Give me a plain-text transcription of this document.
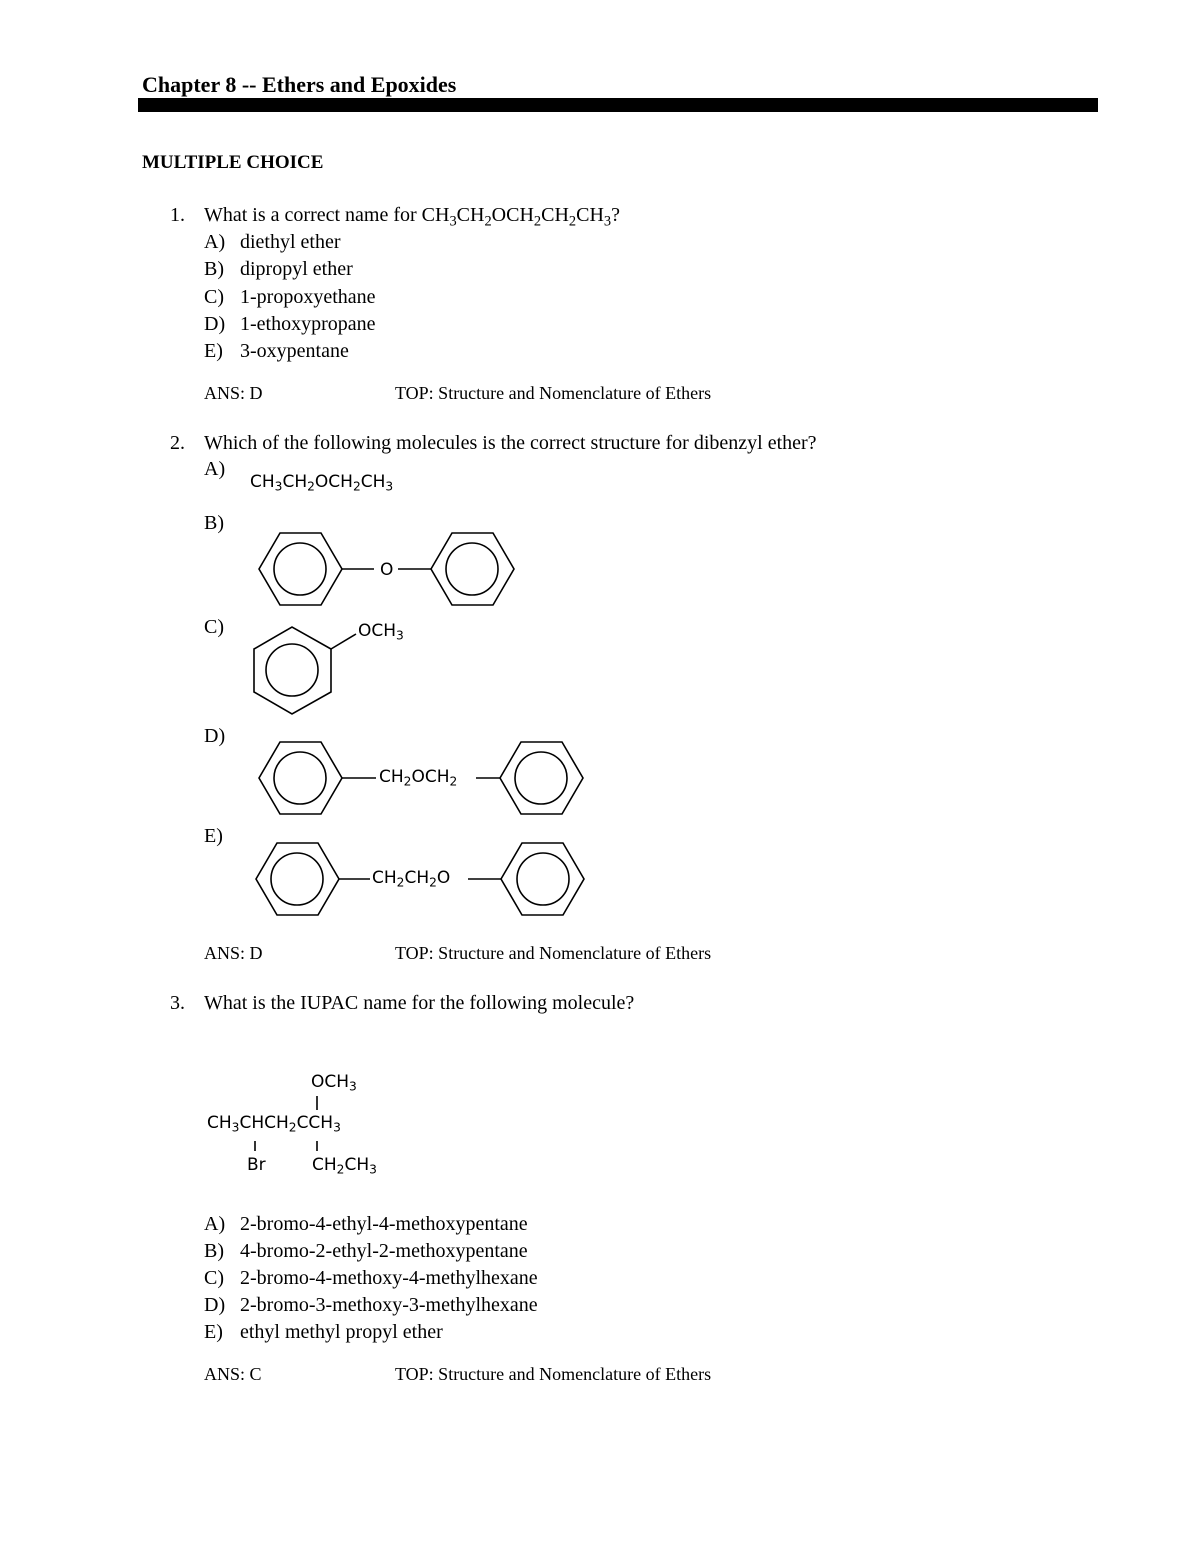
Chapter 8 -- Ethers and Epoxides
MULTIPLE CHOICE
1. What is a correct name for $CH_3CH_2OCH_2CH_2CH_3$?
A) diethyl ether
B) dipropyl ether
C) 1-propoxyethane
D) 1-ethoxypropane
E) 3-oxypentane
ANS: D	TOP: Structure and Nomenclature of Ethers
2. Which of the following molecules is the correct structure for dibenzyl ether?
A)
$CH_3CH_2OCH_2CH_3$
B)
O
C)	$OCH_3$
D)
$CH_2OCH_2$
E)
$CH_2CH_2O$
ANS: D	TOP: Structure and Nomenclature of Ethers
3. What is the IUPAC name for the following molecule?
$OCH_3$
$CH_3CHCH_2CCH_3$
Br	$CH_2CH_3$
A) 2-bromo-4-ethyl-4-methoxypentane
B) 4-bromo-2-ethyl-2-methoxypentane
C) 2-bromo-4-methoxy-4-methylhexane
D) 2-bromo-3-methoxy-3-methylhexane
E) ethyl methyl propyl ether
ANS: C	TOP: Structure and Nomenclature of Ethers
